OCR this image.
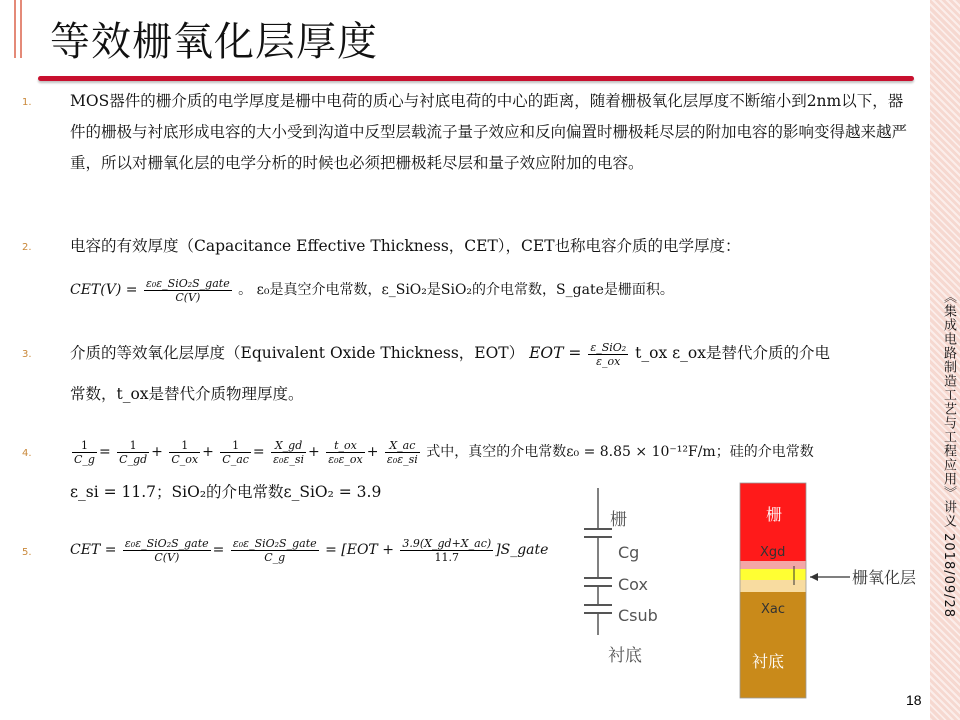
等效栅氧化层厚度
《集成电路制造工艺与工程应用》讲义 2018/09/28
1. MOS器件的栅介质的电学厚度是栅中电荷的质心与衬底电荷的中心的距离，随着栅极氧化层厚度不断缩小到2nm以下，器件的栅极与衬底形成电容的大小受到沟道中反型层载流子量子效应和反向偏置时栅极耗尽层的附加电容的影响变得越来越严重，所以对栅氧化层的电学分析的时候也必须把栅极耗尽层和量子效应附加的电容。
2. 电容的有效厚度（Capacitance Effective Thickness，CET），CET也称电容介质的电学厚度：
$CET(V) = \frac{\text{ε₀ε\_SiO₂S\_gate}}{C(V)}$ 。 ε₀是真空介电常数，ε_SiO₂是SiO₂的介电常数，S_gate是栅面积。
3. 介质的等效氧化层厚度（Equivalent Oxide Thickness，EOT） EOT = $\frac{\text{ε\_SiO₂}}{\varepsilon\_ox}$ t_ox ε_ox是替代介质的介电
常数，t_ox是替代介质物理厚度。
4.	$\frac{1}{C\_g} = \frac{1}{C\_gd} + \frac{1}{C\_ox} + \frac{1}{C\_ac} = \frac{X\_gd}{\text{ε₀ε\_si}} + \frac{t\_ox}{\text{ε₀ε\_ox}} + \frac{X\_ac}{\text{ε₀ε\_si}}$ 式中，真空的介电常数ε₀ = 8.85 × 10⁻¹²F/m；硅的介电常数
ε_si = 11.7；SiO₂的介电常数ε_SiO₂ = 3.9
5.	CET = $\frac{\text{ε₀ε\_SiO₂S\_gate}}{C(V)} = \frac{\text{ε₀ε\_SiO₂S\_gate}}{C\_g} = [EOT + \frac{3.9(X\_gd+X\_ac)}{11.7}$ ]S_gate
栅
Cg
Cox
Csub
衬底
栅
Xgd
Xac
衬底
栅氧化层
18
